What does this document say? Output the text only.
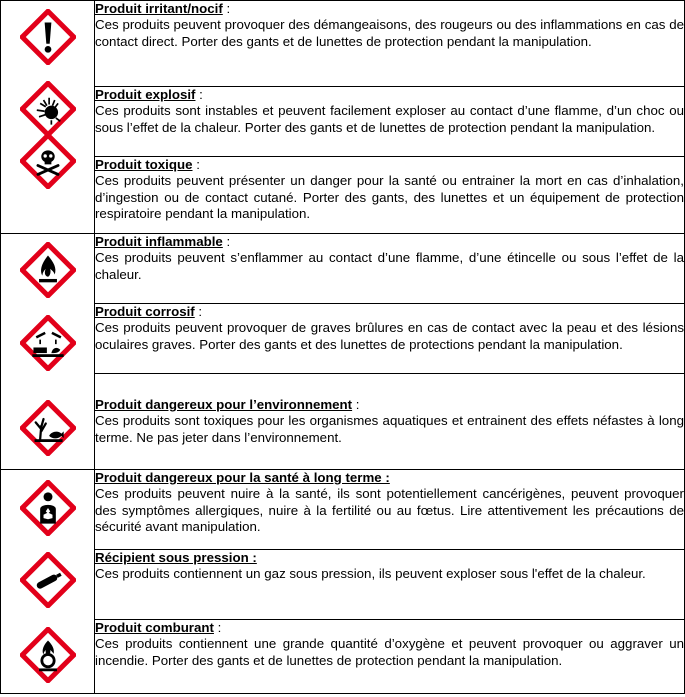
	Produit irritant/nocif :
Ces produits peuvent provoquer des démangeaisons, des rougeurs ou des inflammations en cas de contact direct. Porter des gants et de lunettes de protection pendant la manipulation.

	Produit explosif :
Ces produits sont instables et peuvent facilement exploser au contact d’une flamme, d’un choc ou sous l’effet de la chaleur. Porter des gants et de lunettes de protection pendant la manipulation.

	Produit toxique :
Ces produits peuvent présenter un danger pour la santé ou entrainer la mort en cas d’inhalation, d’ingestion ou de contact cutané. Porter des gants, des lunettes et un équipement de protection respiratoire pendant la manipulation.

	Produit inflammable :
Ces produits peuvent s’enflammer au contact d’une flamme, d’une étincelle ou sous l’effet de la chaleur.

	Produit corrosif :
Ces produits peuvent provoquer de graves brûlures en cas de contact avec la peau et des lésions oculaires graves. Porter des gants et des lunettes de protections pendant la manipulation.

	Produit dangereux pour l’environnement :
Ces produits sont toxiques pour les organismes aquatiques et entrainent des effets néfastes à long terme. Ne pas jeter dans l’environnement.

	Produit dangereux pour la santé à long terme :
Ces produits peuvent nuire à la santé, ils sont potentiellement cancérigènes, peuvent provoquer des symptômes allergiques, nuire à la fertilité ou au fœtus. Lire attentivement les précautions de sécurité avant manipulation.

	Récipient sous pression :
Ces produits contiennent un gaz sous pression, ils peuvent exploser sous l'effet de la chaleur.

	Produit comburant :
Ces produits contiennent une grande quantité d’oxygène et peuvent provoquer ou aggraver un incendie. Porter des gants et de lunettes de protection pendant la manipulation.
